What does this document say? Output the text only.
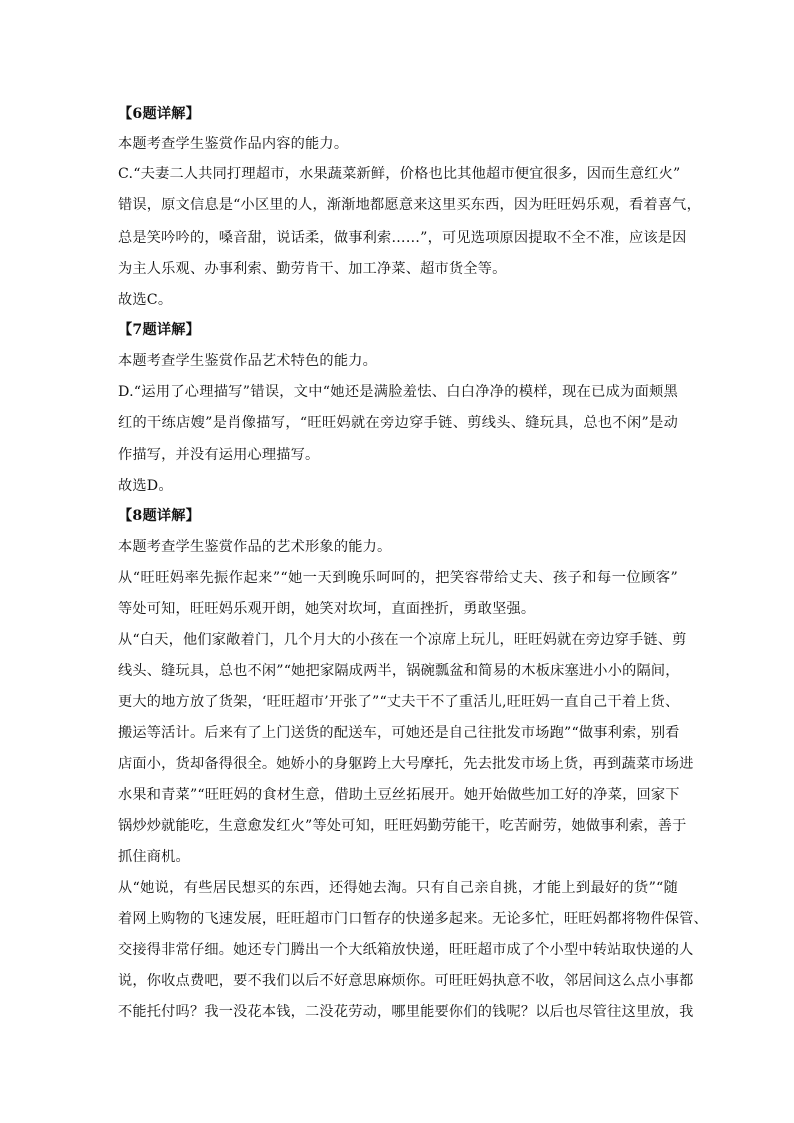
【6题详解】
本题考查学生鉴赏作品内容的能力。
C.“夫妻二人共同打理超市，水果蔬菜新鲜，价格也比其他超市便宜很多，因而生意红火”
错误，原文信息是“小区里的人，渐渐地都愿意来这里买东西，因为旺旺妈乐观，看着喜气，
总是笑吟吟的，嗓音甜，说话柔，做事利索……”，可见选项原因提取不全不准，应该是因
为主人乐观、办事利索、勤劳肯干、加工净菜、超市货全等。
故选C。
【7题详解】
本题考查学生鉴赏作品艺术特色的能力。
D.“运用了心理描写”错误，文中“她还是满脸羞怯、白白净净的模样，现在已成为面颊黑
红的干练店嫂”是肖像描写，“旺旺妈就在旁边穿手链、剪线头、缝玩具，总也不闲”是动
作描写，并没有运用心理描写。
故选D。
【8题详解】
本题考查学生鉴赏作品的艺术形象的能力。
从“旺旺妈率先振作起来”“她一天到晚乐呵呵的，把笑容带给丈夫、孩子和每一位顾客”
等处可知，旺旺妈乐观开朗，她笑对坎坷，直面挫折，勇敢坚强。
从“白天，他们家敞着门，几个月大的小孩在一个凉席上玩儿，旺旺妈就在旁边穿手链、剪
线头、缝玩具，总也不闲”“她把家隔成两半，锅碗瓢盆和简易的木板床塞进小小的隔间，
更大的地方放了货架，‘旺旺超市’开张了”“丈夫干不了重活儿,旺旺妈一直自己干着上货、
搬运等活计。后来有了上门送货的配送车，可她还是自己往批发市场跑”“做事利索，别看
店面小，货却备得很全。她娇小的身躯跨上大号摩托，先去批发市场上货，再到蔬菜市场进
水果和青菜”“旺旺妈的食材生意，借助土豆丝拓展开。她开始做些加工好的净菜，回家下
锅炒炒就能吃，生意愈发红火”等处可知，旺旺妈勤劳能干，吃苦耐劳，她做事利索，善于
抓住商机。
从“她说，有些居民想买的东西，还得她去淘。只有自己亲自挑，才能上到最好的货”“随
着网上购物的飞速发展，旺旺超市门口暂存的快递多起来。无论多忙，旺旺妈都将物件保管、
交接得非常仔细。她还专门腾出一个大纸箱放快递，旺旺超市成了个小型中转站取快递的人
说，你收点费吧，要不我们以后不好意思麻烦你。可旺旺妈执意不收，邻居间这么点小事都
不能托付吗？我一没花本钱，二没花劳动，哪里能要你们的钱呢？以后也尽管往这里放，我
